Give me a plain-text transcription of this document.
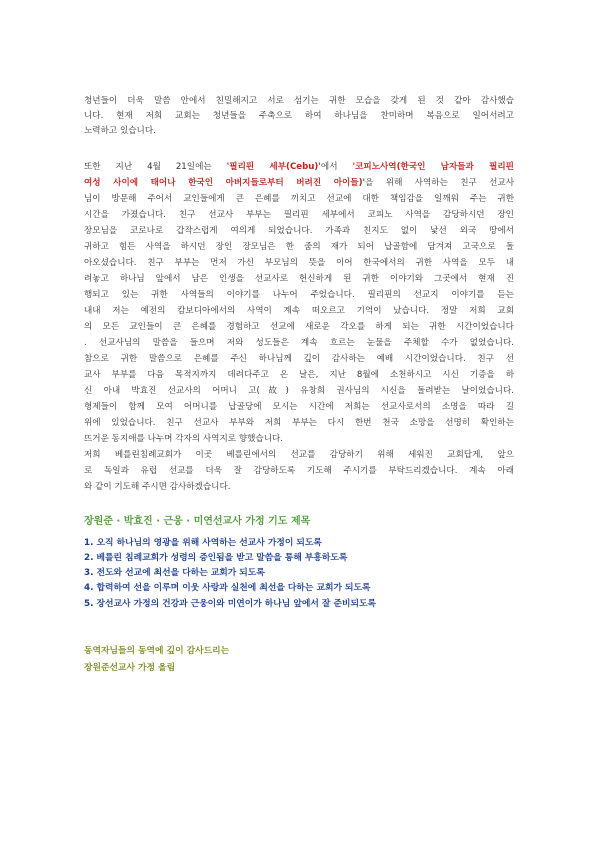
청년들이 더욱 말씀 안에서 친밀해지고 서로 섬기는 귀한 모습을 갖게 된 것 같아 감사했습
니다. 현재 저희 교회는 청년들을 주축으로 하여 하나님을 찬미하며 복음으로 일어서려고
노력하고 있습니다.
또한 지난 4월 21일에는 '필리핀 세부(Cebu)'에서 '코피노사역(한국인 남자들과 필리핀
여성 사이에 태어나 한국인 아버지들로부터 버려진 아이들)'을 위해 사역하는 친구 선교사
님이 방문해 주어서 교인들에게 큰 은혜를 끼치고 선교에 대한 책임감을 일깨워 주는 귀한
시간을 가졌습니다. 친구 선교사 부부는 필리핀 세부에서 코피노 사역을 감당하시던 장인
장모님을 코로나로 갑작스럽게 여의게 되었습니다. 가족과 친지도 없이 낯선 외국 땅에서
귀하고 힘든 사역을 하시던 장인 장모님은 한 줌의 재가 되어 납골함에 담겨져 고국으로 돌
아오셨습니다. 친구 부부는 먼저 가신 부모님의 뜻을 이어 한국에서의 귀한 사역을 모두 내
려놓고 하나님 앞에서 남은 인생을 선교사로 헌신하게 된 귀한 이야기와 그곳에서 현재 진
행되고 있는 귀한 사역들의 이야기를 나누어 주었습니다. 필리핀의 선교지 이야기를 듣는
내내 저는 예전의 캄보디아에서의 사역이 계속 떠오르고 기억이 났습니다. 정말 저희 교회
의 모든 교인들이 큰 은혜를 경험하고 선교에 새로운 각오를 하게 되는 귀한 시간이었습니다
. 선교사님의 말씀을 들으며 저와 성도들은 계속 흐르는 눈물을 주체할 수가 없었습니다.
참으로 귀한 말씀으로 은혜를 주신 하나님께 깊이 감사하는 예배 시간이었습니다. 친구 선
교사 부부를 다음 목적지까지 데려다주고 온 날은, 지난 8월에 소천하시고 시신 기증을 하
신 아내 박효진 선교사의 어머니 고(故) 유창희 권사님의 시신을 돌려받는 날이었습니다.
형제들이 함께 모여 어머니를 납골당에 모시는 시간에 저희는 선교사로서의 소명을 따라 길
위에 있었습니다. 친구 선교사 부부와 저희 부부는 다시 한번 천국 소망을 선명히 확인하는
뜨거운 동지애를 나누며 각자의 사역지로 향했습니다.
저희 베를린침례교회가 이곳 베를린에서의 선교를 감당하기 위해 세워진 교회답게, 앞으
로 독일과 유럽 선교를 더욱 잘 감당하도록 기도해 주시기를 부탁드리겠습니다. 계속 아래
와 같이 기도해 주시면 감사하겠습니다.
장원준 · 박효진 · 근웅 · 미연선교사 가정 기도 제목
1. 오직 하나님의 영광을 위해 사역하는 선교사 가정이 되도록
2. 베를린 침례교회가 성령의 증인됨을 받고 말씀을 통해 부흥하도록
3. 전도와 선교에 최선을 다하는 교회가 되도록
4. 합력하여 선을 이루며 이웃 사랑과 실천에 최선을 다하는 교회가 되도록
5. 장선교사 가정의 건강과 근웅이와 미연이가 하나님 앞에서 잘 준비되도록
동역자님들의 동역에 깊이 감사드리는
장원준선교사 가정 올림
